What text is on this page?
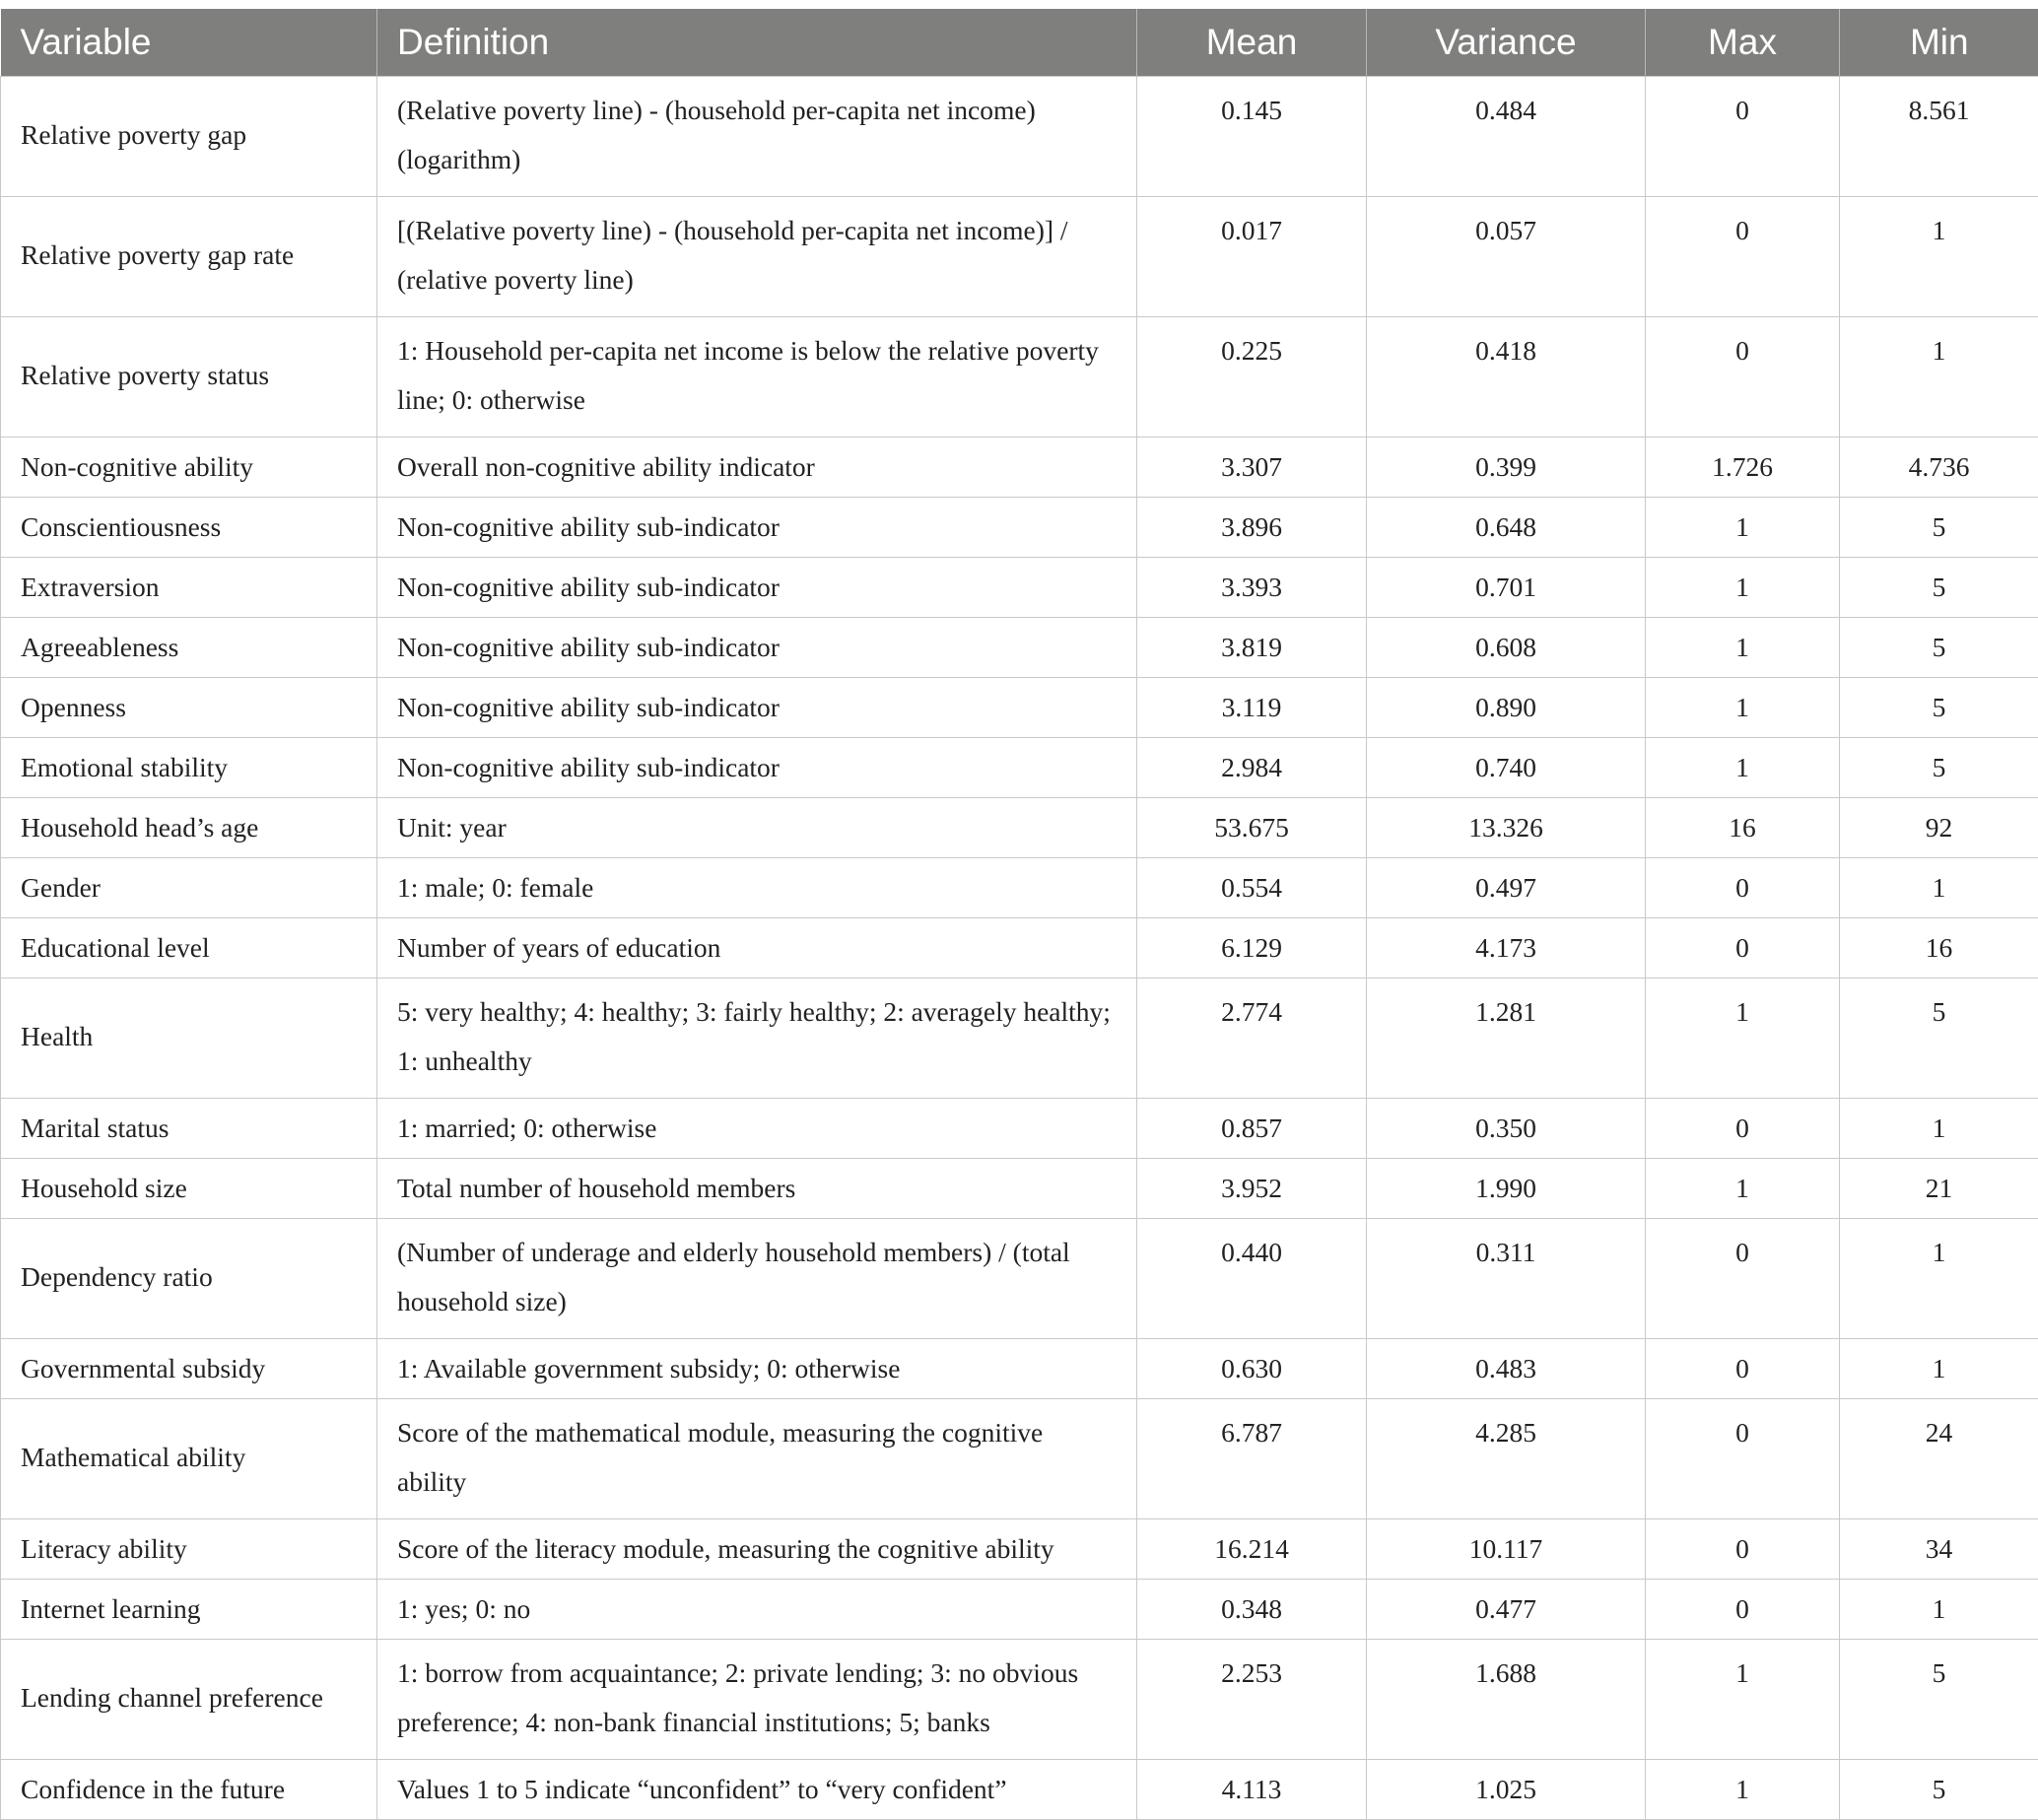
Variable	Definition	Mean	Variance	Max	Min
Relative poverty gap	(Relative poverty line) - (household per-capita net income) (logarithm)	0.145	0.484	0	8.561
Relative poverty gap rate	[(Relative poverty line) - (household per-capita net income)] / (relative poverty line)	0.017	0.057	0	1
Relative poverty status	1: Household per-capita net income is below the relative poverty line; 0: otherwise	0.225	0.418	0	1
Non-cognitive ability	Overall non-cognitive ability indicator	3.307	0.399	1.726	4.736
Conscientiousness	Non-cognitive ability sub-indicator	3.896	0.648	1	5
Extraversion	Non-cognitive ability sub-indicator	3.393	0.701	1	5
Agreeableness	Non-cognitive ability sub-indicator	3.819	0.608	1	5
Openness	Non-cognitive ability sub-indicator	3.119	0.890	1	5
Emotional stability	Non-cognitive ability sub-indicator	2.984	0.740	1	5
Household head’s age	Unit: year	53.675	13.326	16	92
Gender	1: male; 0: female	0.554	0.497	0	1
Educational level	Number of years of education	6.129	4.173	0	16
Health	5: very healthy; 4: healthy; 3: fairly healthy; 2: averagely healthy; 1: unhealthy	2.774	1.281	1	5
Marital status	1: married; 0: otherwise	0.857	0.350	0	1
Household size	Total number of household members	3.952	1.990	1	21
Dependency ratio	(Number of underage and elderly household members) / (total household size)	0.440	0.311	0	1
Governmental subsidy	1: Available government subsidy; 0: otherwise	0.630	0.483	0	1
Mathematical ability	Score of the mathematical module, measuring the cognitive ability	6.787	4.285	0	24
Literacy ability	Score of the literacy module, measuring the cognitive ability	16.214	10.117	0	34
Internet learning	1: yes; 0: no	0.348	0.477	0	1
Lending channel preference	1: borrow from acquaintance; 2: private lending; 3: no obvious preference; 4: non-bank financial institutions; 5; banks	2.253	1.688	1	5
Confidence in the future	Values 1 to 5 indicate “unconfident” to “very confident”	4.113	1.025	1	5
